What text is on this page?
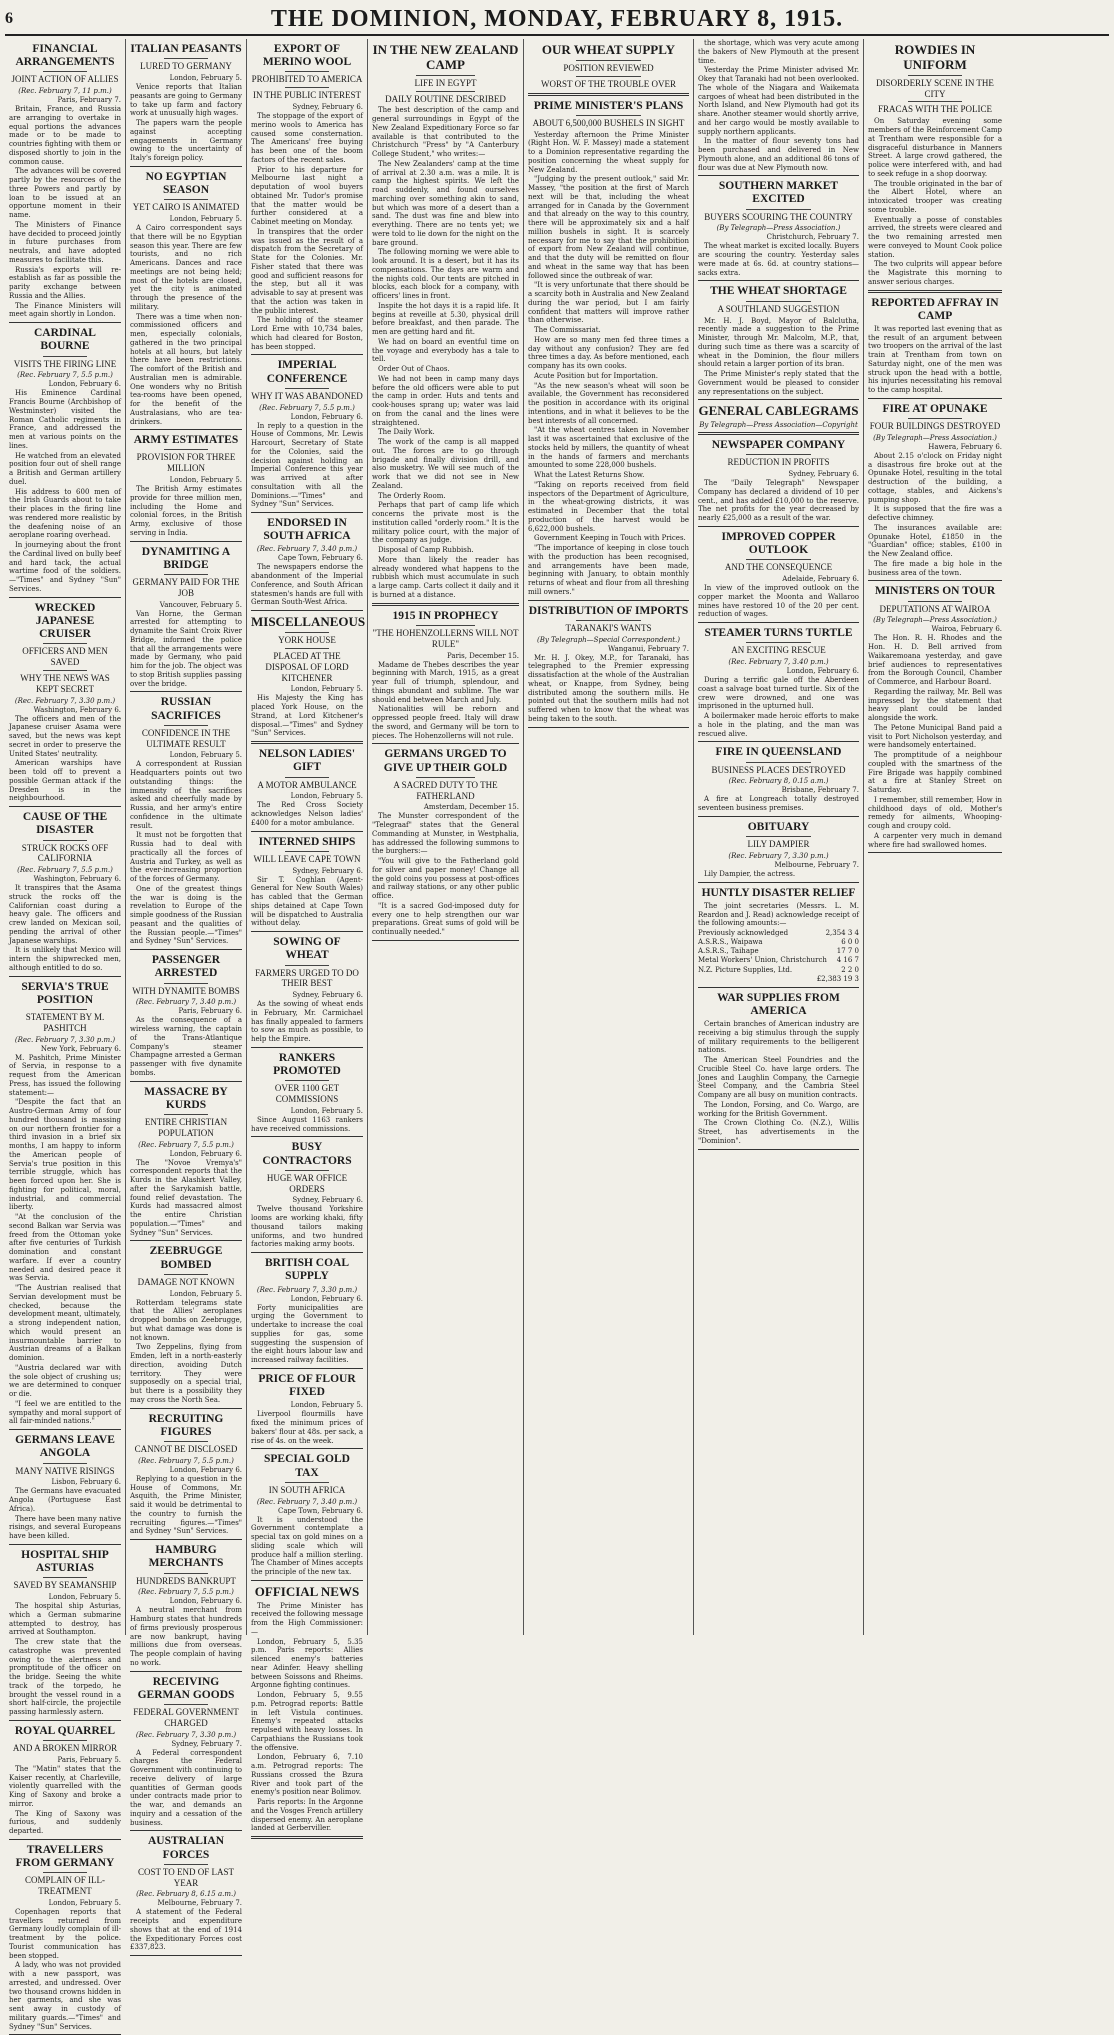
6	THE DOMINION, MONDAY, FEBRUARY 8, 1915.
FINANCIAL ARRANGEMENTS
JOINT ACTION OF ALLIES
(Rec. February 7, 11 p.m.)
Paris, February 7.

Britain, France, and Russia are arranging to overtake in equal portions the advances made or to be made to countries fighting with them or disposed shortly to join in the common cause.

The advances will be covered partly by the resources of the three Powers and partly by loan to be issued at an opportune moment in their name.

The Ministers of Finance have decided to proceed jointly in future purchases from neutrals, and have adopted measures to facilitate this.

Russia's exports will re-establish as far as possible the parity exchange between Russia and the Allies.

The Finance Ministers will meet again shortly in London.

CARDINAL BOURNE
VISITS THE FIRING LINE
(Rec. February 7, 5.5 p.m.)
London, February 6.

His Eminence Cardinal Francis Bourne (Archbishop of Westminster) visited the Roman Catholic regiments in France, and addressed the men at various points on the lines.

He watched from an elevated position four out of shell range a British and German artillery duel.

His address to 600 men of the Irish Guards about to take their places in the firing line was rendered more realistic by the deafening noise of an aeroplane roaring overhead.

In journeying about the front the Cardinal lived on bully beef and hard tack, the actual wartime food of the soldiers.—"Times" and Sydney "Sun" Services.

WRECKED JAPANESE CRUISER
OFFICERS AND MEN SAVED
WHY THE NEWS WAS KEPT SECRET
(Rec. February 7, 3.30 p.m.)
Washington, February 6.

The officers and men of the Japanese cruiser Asama were saved, but the news was kept secret in order to preserve the United States' neutrality.

American warships have been told off to prevent a possible German attack if the Dresden is in the neighbourhood.

CAUSE OF THE DISASTER
STRUCK ROCKS OFF CALIFORNIA
(Rec. February 7, 5.5 p.m.)
Washington, February 6.

It transpires that the Asama struck the rocks off the Californian coast during a heavy gale. The officers and crew landed on Mexican soil, pending the arrival of other Japanese warships.

It is unlikely that Mexico will intern the shipwrecked men, although entitled to do so.

SERVIA'S TRUE POSITION
STATEMENT BY M. PASHITCH
(Rec. February 7, 3.30 p.m.)
New York, February 6.

M. Pashitch, Prime Minister of Servia, in response to a request from the American Press, has issued the following statement:—

"Despite the fact that an Austro-German Army of four hundred thousand is massing on our northern frontier for a third invasion in a brief six months, I am happy to inform the American people of Servia's true position in this terrible struggle, which has been forced upon her. She is fighting for political, moral, industrial, and commercial liberty.

"At the conclusion of the second Balkan war Servia was freed from the Ottoman yoke after five centuries of Turkish domination and constant warfare. If ever a country needed and desired peace it was Servia.

"The Austrian realised that Servian development must be checked, because the development meant, ultimately, a strong independent nation, which would present an insurmountable barrier to Austrian dreams of a Balkan dominion.

"Austria declared war with the sole object of crushing us; we are determined to conquer or die.

"I feel we are entitled to the sympathy and moral support of all fair-minded nations."

GERMANS LEAVE ANGOLA
MANY NATIVE RISINGS
Lisbon, February 6.

The Germans have evacuated Angola (Portuguese East Africa).

There have been many native risings, and several Europeans have been killed.

HOSPITAL SHIP ASTURIAS
SAVED BY SEAMANSHIP
London, February 5.

The hospital ship Asturias, which a German submarine attempted to destroy, has arrived at Southampton.

The crew state that the catastrophe was prevented owing to the alertness and promptitude of the officer on the bridge. Seeing the white track of the torpedo, he brought the vessel round in a short half-circle, the projectile passing harmlessly astern.

ROYAL QUARREL
AND A BROKEN MIRROR
Paris, February 5.

The "Matin" states that the Kaiser recently, at Charleville, violently quarrelled with the King of Saxony and broke a mirror.

The King of Saxony was furious, and suddenly departed.

TRAVELLERS FROM GERMANY
COMPLAIN OF ILL-TREATMENT
London, February 5.

Copenhagen reports that travellers returned from Germany loudly complain of ill-treatment by the police. Tourist communication has been stopped.

A lady, who was not provided with a new passport, was arrested, and undressed. Over two thousand crowns hidden in her garments, and she was sent away in custody of military guards.—"Times" and Sydney "Sun" Services.

ITALIAN PEASANTS
LURED TO GERMANY
London, February 5.

Venice reports that Italian peasants are going to Germany to take up farm and factory work at unusually high wages.

The papers warn the people against accepting engagements in Germany owing to the uncertainty of Italy's foreign policy.

NO EGYPTIAN SEASON
YET CAIRO IS ANIMATED
London, February 5.

A Cairo correspondent says that there will be no Egyptian season this year. There are few tourists, and no rich Americans. Dances and race meetings are not being held; most of the hotels are closed, yet the city is animated through the presence of the military.

There was a time when non-commissioned officers and men, especially colonials, gathered in the two principal hotels at all hours, but lately there have been restrictions. The comfort of the British and Australian men is admirable. One wonders why no British tea-rooms have been opened, for the benefit of the Australasians, who are tea-drinkers.

ARMY ESTIMATES
PROVISION FOR THREE MILLION
London, February 5.

The British Army estimates provide for three million men, including the Home and colonial forces, in the British Army, exclusive of those serving in India.

DYNAMITING A BRIDGE
GERMANY PAID FOR THE JOB
Vancouver, February 5.

Van Horne, the German arrested for attempting to dynamite the Saint Croix River Bridge, informed the police that all the arrangements were made by Germany, who paid him for the job. The object was to stop British supplies passing over the bridge.

RUSSIAN SACRIFICES
CONFIDENCE IN THE ULTIMATE RESULT
London, February 5.

A correspondent at Russian Headquarters points out two outstanding things: the immensity of the sacrifices asked and cheerfully made by Russia, and her army's entire confidence in the ultimate result.

It must not be forgotten that Russia had to deal with practically all the forces of Austria and Turkey, as well as the ever-increasing proportion of the forces of Germany.

One of the greatest things the war is doing is the revelation to Europe of the simple goodness of the Russian peasant and the qualities of the Russian people.—"Times" and Sydney "Sun" Services.

PASSENGER ARRESTED
WITH DYNAMITE BOMBS
(Rec. February 7, 3.40 p.m.)
Paris, February 6.

As the consequence of a wireless warning, the captain of the Trans-Atlantique Company's steamer Champagne arrested a German passenger with five dynamite bombs.

MASSACRE BY KURDS
ENTIRE CHRISTIAN POPULATION
(Rec. February 7, 5.5 p.m.)
London, February 6.

The "Novoe Vremya's" correspondent reports that the Kurds in the Alashkert Valley, after the Sarykamish battle, found relief devastation. The Kurds had massacred almost the entire Christian population.—"Times" and Sydney "Sun" Services.

ZEEBRUGGE BOMBED
DAMAGE NOT KNOWN
London, February 5.

Rotterdam telegrams state that the Allies' aeroplanes dropped bombs on Zeebrugge, but what damage was done is not known.

Two Zeppelins, flying from Emden, left in a north-easterly direction, avoiding Dutch territory. They were supposedly on a special trial, but there is a possibility they may cross the North Sea.

RECRUITING FIGURES
CANNOT BE DISCLOSED
(Rec. February 7, 5.5 p.m.)
London, February 6.

Replying to a question in the House of Commons, Mr. Asquith, the Prime Minister, said it would be detrimental to the country to furnish the recruiting figures.—"Times" and Sydney "Sun" Services.

HAMBURG MERCHANTS
HUNDREDS BANKRUPT
(Rec. February 7, 5.5 p.m.)
London, February 6.

A neutral merchant from Hamburg states that hundreds of firms previously prosperous are now bankrupt, having millions due from overseas. The people complain of having no work.

RECEIVING GERMAN GOODS
FEDERAL GOVERNMENT CHARGED
(Rec. February 7, 3.30 p.m.)
Sydney, February 7.

A Federal correspondent charges the Federal Government with continuing to receive delivery of large quantities of German goods under contracts made prior to the war, and demands an inquiry and a cessation of the business.

AUSTRALIAN FORCES
COST TO END OF LAST YEAR
(Rec. February 8, 6.15 a.m.)
Melbourne, February 7.

A statement of the Federal receipts and expenditure shows that at the end of 1914 the Expeditionary Forces cost £337,823.

EXPORT OF MERINO WOOL
PROHIBITED TO AMERICA
IN THE PUBLIC INTEREST
Sydney, February 6.

The stoppage of the export of merino wools to America has caused some consternation. The Americans' free buying has been one of the boom factors of the recent sales.

Prior to his departure for Melbourne last night a deputation of wool buyers obtained Mr. Tudor's promise that the matter would be further considered at a Cabinet meeting on Monday.

In transpires that the order was issued as the result of a dispatch from the Secretary of State for the Colonies. Mr. Fisher stated that there was good and sufficient reasons for the step, but all it was advisable to say at present was that the action was taken in the public interest.

The holding of the steamer Lord Erne with 10,734 bales, which had cleared for Boston, has been stopped.

IMPERIAL CONFERENCE
WHY IT WAS ABANDONED
(Rec. February 7, 5.5 p.m.)
London, February 6.

In reply to a question in the House of Commons, Mr. Lewis Harcourt, Secretary of State for the Colonies, said the decision against holding an Imperial Conference this year was arrived at after consultation with all the Dominions.—"Times" and Sydney "Sun" Services.

ENDORSED IN SOUTH AFRICA
(Rec. February 7, 3.40 p.m.)
Cape Town, February 6.

The newspapers endorse the abandonment of the Imperial Conference, and South African statesmen's hands are full with German South-West Africa.

MISCELLANEOUS
YORK HOUSE
PLACED AT THE DISPOSAL OF LORD KITCHENER
London, February 5.

His Majesty the King has placed York House, on the Strand, at Lord Kitchener's disposal.—"Times" and Sydney "Sun" Services.

NELSON LADIES' GIFT
A MOTOR AMBULANCE
London, February 5.

The Red Cross Society acknowledges Nelson ladies' £400 for a motor ambulance.

INTERNED SHIPS
WILL LEAVE CAPE TOWN
Sydney, February 6.

Sir T. Coghlan (Agent-General for New South Wales) has cabled that the German ships detained at Cape Town will be dispatched to Australia without delay.

SOWING OF WHEAT
FARMERS URGED TO DO THEIR BEST
Sydney, February 6.

As the sowing of wheat ends in February, Mr. Carmichael has finally appealed to farmers to sow as much as possible, to help the Empire.

RANKERS PROMOTED
OVER 1100 GET COMMISSIONS
London, February 5.

Since August 1163 rankers have received commissions.

BUSY CONTRACTORS
HUGE WAR OFFICE ORDERS
Sydney, February 6.

Twelve thousand Yorkshire looms are working khaki, fifty thousand tailors making uniforms, and two hundred factories making army boots.

BRITISH COAL SUPPLY
(Rec. February 7, 3.30 p.m.)
London, February 6.

Forty municipalities are urging the Government to undertake to increase the coal supplies for gas, some suggesting the suspension of the eight hours labour law and increased railway facilities.

PRICE OF FLOUR FIXED
London, February 5.

Liverpool flourmills have fixed the minimum prices of bakers' flour at 48s. per sack, a rise of 4s. on the week.

SPECIAL GOLD TAX
IN SOUTH AFRICA
(Rec. February 7, 3.40 p.m.)
Cape Town, February 6.

It is understood the Government contemplate a special tax on gold mines on a sliding scale which will produce half a million sterling. The Chamber of Mines accepts the principle of the new tax.

OFFICIAL NEWS

The Prime Minister has received the following message from the High Commissioner:—

London, February 5, 5.35 p.m. Paris reports: Allies silenced enemy's batteries near Adinfer. Heavy shelling between Soissons and Rheims. Argonne fighting continues.

London, February 5, 9.55 p.m. Petrograd reports: Battle in left Vistula continues. Enemy's repeated attacks repulsed with heavy losses. In Carpathians the Russians took the offensive.

London, February 6, 7.10 a.m. Petrograd reports: The Russians crossed the Bzura River and took part of the enemy's position near Bolimov.

Paris reports: In the Argonne and the Vosges French artillery dispersed enemy. An aeroplane landed at Gerberviller.

IN THE NEW ZEALAND CAMP
LIFE IN EGYPT
DAILY ROUTINE DESCRIBED

The best description of the camp and general surroundings in Egypt of the New Zealand Expeditionary Force so far available is that contributed to the Christchurch "Press" by "A Canterbury College Student," who writes:—

The New Zealanders' camp at the time of arrival at 2.30 a.m. was a mile. It is camp the highest spirits. We left the road suddenly, and found ourselves marching over something akin to sand, but which was more of a desert than a sand. The dust was fine and blew into everything. There are no tents yet; we were told to lie down for the night on the bare ground.

The following morning we were able to look around. It is a desert, but it has its compensations. The days are warm and the nights cold. Our tents are pitched in blocks, each block for a company, with officers' lines in front.

Inspite the hot days it is a rapid life. It begins at reveille at 5.30, physical drill before breakfast, and then parade. The men are getting hard and fit.

We had on board an eventful time on the voyage and everybody has a tale to tell.

Order Out of Chaos.

We had not been in camp many days before the old officers were able to put the camp in order. Huts and tents and cook-houses sprang up; water was laid on from the canal and the lines were straightened.

The Daily Work.

The work of the camp is all mapped out. The forces are to go through brigade and finally division drill, and also musketry. We will see much of the work that we did not see in New Zealand.

The Orderly Room.

Perhaps that part of camp life which concerns the private most is the institution called "orderly room." It is the military police court, with the major of the company as judge.

Disposal of Camp Rubbish.

More than likely the reader has already wondered what happens to the rubbish which must accumulate in such a large camp. Carts collect it daily and it is burned at a distance.

1915 IN PROPHECY
"THE HOHENZOLLERNS WILL NOT RULE"
Paris, December 15.

Madame de Thebes describes the year beginning with March, 1915, as a great year full of triumph, splendour, and things abundant and sublime. The war should end between March and July.

Nationalities will be reborn and oppressed people freed. Italy will draw the sword, and Germany will be torn to pieces. The Hohenzollerns will not rule.

GERMANS URGED TO GIVE UP THEIR GOLD
A SACRED DUTY TO THE FATHERLAND
Amsterdam, December 15.

The Munster correspondent of the "Telegraaf" states that the General Commanding at Munster, in Westphalia, has addressed the following summons to the burghers:—

"You will give to the Fatherland gold for silver and paper money! Change all the gold coins you possess at post-offices and railway stations, or any other public office.

"It is a sacred God-imposed duty for every one to help strengthen our war preparations. Great sums of gold will be continually needed."

OUR WHEAT SUPPLY
POSITION REVIEWED
WORST OF THE TROUBLE OVER
PRIME MINISTER'S PLANS
ABOUT 6,500,000 BUSHELS IN SIGHT

Yesterday afternoon the Prime Minister (Right Hon. W. F. Massey) made a statement to a Dominion representative regarding the position concerning the wheat supply for New Zealand.

"Judging by the present outlook," said Mr. Massey, "the position at the first of March next will be that, including the wheat arranged for in Canada by the Government and that already on the way to this country, there will be approximately six and a half million bushels in sight. It is scarcely necessary for me to say that the prohibition of export from New Zealand will continue, and that the duty will be remitted on flour and wheat in the same way that has been followed since the outbreak of war.

"It is very unfortunate that there should be a scarcity both in Australia and New Zealand during the war period, but I am fairly confident that matters will improve rather than otherwise.

The Commissariat.

How are so many men fed three times a day without any confusion? They are fed three times a day. As before mentioned, each company has its own cooks.

Acute Position but for Importation.

"As the new season's wheat will soon be available, the Government has reconsidered the position in accordance with its original intentions, and in what it believes to be the best interests of all concerned.

"At the wheat centres taken in November last it was ascertained that exclusive of the stocks held by millers, the quantity of wheat in the hands of farmers and merchants amounted to some 228,000 bushels.

What the Latest Returns Show.

"Taking on reports received from field inspectors of the Department of Agriculture, in the wheat-growing districts, it was estimated in December that the total production of the harvest would be 6,622,000 bushels.

Government Keeping in Touch with Prices.

"The importance of keeping in close touch with the production has been recognised, and arrangements have been made, beginning with January, to obtain monthly returns of wheat and flour from all threshing mill owners."

DISTRIBUTION OF IMPORTS
TARANAKI'S WANTS
(By Telegraph—Special Correspondent.)
Wanganui, February 7.

Mr. H. J. Okey, M.P., for Taranaki, has telegraphed to the Premier expressing dissatisfaction at the whole of the Australian wheat, or Knappe, from Sydney, being distributed among the southern mills. He pointed out that the southern mills had not suffered when to know that the wheat was being taken to the south.

the shortage, which was very acute among the bakers of New Plymouth at the present time.

Yesterday the Prime Minister advised Mr. Okey that Taranaki had not been overlooked. The whole of the Niagara and Waikemata cargoes of wheat had been distributed in the North Island, and New Plymouth had got its share. Another steamer would shortly arrive, and her cargo would be mostly available to supply northern applicants.

In the matter of flour seventy tons had been purchased and delivered in New Plymouth alone, and an additional 86 tons of flour was due at New Plymouth now.

SOUTHERN MARKET EXCITED
BUYERS SCOURING THE COUNTRY
(By Telegraph—Press Association.)
Christchurch, February 7.

The wheat market is excited locally. Buyers are scouring the country. Yesterday sales were made at 6s. 6d. at country stations—sacks extra.

THE WHEAT SHORTAGE
A SOUTHLAND SUGGESTION

Mr. H. J. Boyd, Mayor of Balclutha, recently made a suggestion to the Prime Minister, through Mr. Malcolm, M.P., that, during such time as there was a scarcity of wheat in the Dominion, the flour millers should retain a larger portion of its bran.

The Prime Minister's reply stated that the Government would be pleased to consider any representations on the subject.

GENERAL CABLEGRAMS
By Telegraph—Press Association—Copyright
NEWSPAPER COMPANY
REDUCTION IN PROFITS
Sydney, February 6.

The "Daily Telegraph" Newspaper Company has declared a dividend of 10 per cent., and has added £10,000 to the reserve. The net profits for the year decreased by nearly £25,000 as a result of the war.

IMPROVED COPPER OUTLOOK
AND THE CONSEQUENCE
Adelaide, February 6.

In view of the improved outlook on the copper market the Moonta and Wallaroo mines have restored 10 of the 20 per cent. reduction of wages.

STEAMER TURNS TURTLE
AN EXCITING RESCUE
(Rec. February 7, 3.40 p.m.)
London, February 6.

During a terrific gale off the Aberdeen coast a salvage boat turned turtle. Six of the crew were drowned, and one was imprisoned in the upturned hull.

A boilermaker made heroic efforts to make a hole in the plating, and the man was rescued alive.

FIRE IN QUEENSLAND
BUSINESS PLACES DESTROYED
(Rec. February 8, 0.15 a.m.)
Brisbane, February 7.

A fire at Longreach totally destroyed seventeen business premises.

OBITUARY
LILY DAMPIER
(Rec. February 7, 3.30 p.m.)
Melbourne, February 7.

Lily Dampier, the actress.

HUNTLY DISASTER RELIEF

The joint secretaries (Messrs. L. M. Reardon and J. Read) acknowledge receipt of the following amounts:—

Previously acknowledged	2,354 3 4
A.S.R.S., Waipawa	6 0 0
A.S.R.S., Taihape	17 7 0
Metal Workers' Union, Christchurch 4 16 7
N.Z. Picture Supplies, Ltd.	2 2 0
£2,383 19 3
WAR SUPPLIES FROM AMERICA

Certain branches of American industry are receiving a big stimulus through the supply of military requirements to the belligerent nations.

The American Steel Foundries and the Crucible Steel Co. have large orders. The Jones and Laughlin Company, the Carnegie Steel Company, and the Cambria Steel Company are all busy on munition contracts.

The London, Forsing, and Co. Wargo, are working for the British Government.

The Crown Clothing Co. (N.Z.), Willis Street, has advertisements in the "Dominion".

ROWDIES IN UNIFORM
DISORDERLY SCENE IN THE CITY
FRACAS WITH THE POLICE

On Saturday evening some members of the Reinforcement Camp at Trentham were responsible for a disgraceful disturbance in Manners Street. A large crowd gathered, the police were interfered with, and had to seek refuge in a shop doorway.

The trouble originated in the bar of the Albert Hotel, where an intoxicated trooper was creating some trouble.

Eventually a posse of constables arrived, the streets were cleared and the two remaining arrested men were conveyed to Mount Cook police station.

The two culprits will appear before the Magistrate this morning to answer serious charges.

REPORTED AFFRAY IN CAMP

It was reported last evening that as the result of an argument between two troopers on the arrival of the last train at Trentham from town on Saturday night, one of the men was struck upon the head with a bottle, his injuries necessitating his removal to the camp hospital.

FIRE AT OPUNAKE
FOUR BUILDINGS DESTROYED
(By Telegraph—Press Association.)
Hawera, February 6.

About 2.15 o'clock on Friday night a disastrous fire broke out at the Opunake Hotel, resulting in the total destruction of the building, a cottage, stables, and Aickens's pumping shop.

It is supposed that the fire was a defective chimney.

The insurances available are: Opunake Hotel, £1850 in the "Guardian" office; stables, £100 in the New Zealand office.

The fire made a big hole in the business area of the town.

MINISTERS ON TOUR
DEPUTATIONS AT WAIROA
(By Telegraph—Press Association.)
Wairoa, February 6.

The Hon. R. H. Rhodes and the Hon. H. D. Bell arrived from Waikaremoana yesterday, and gave brief audiences to representatives from the Borough Council, Chamber of Commerce, and Harbour Board.

Regarding the railway, Mr. Bell was impressed by the statement that heavy plant could be landed alongside the work.

The Petone Municipal Band paid a visit to Port Nicholson yesterday, and were handsomely entertained.

The promptitude of a neighbour coupled with the smartness of the Fire Brigade was happily combined at a fire at Stanley Street on Saturday.

I remember, still remember, How in childhood days of old, Mother's remedy for ailments, Whooping-cough and croupy cold.

A carpenter very much in demand where fire had swallowed homes.
